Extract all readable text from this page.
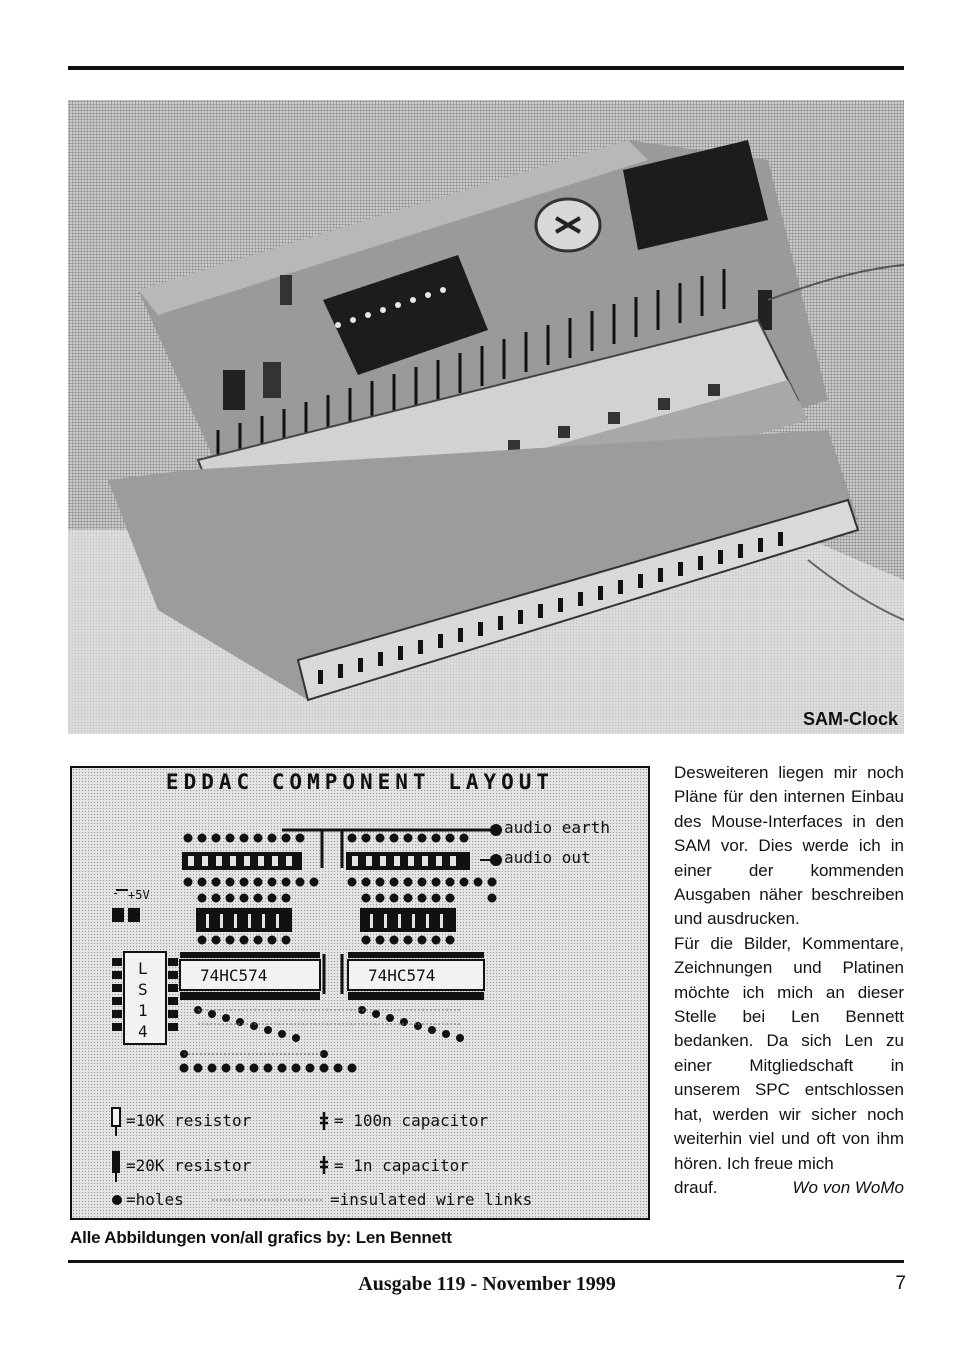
SAM-Clock
EDDAC COMPONENT LAYOUT
audio earth
audio out
+5V
-
74HC574	74HC574
L
S
1
4
=10K resistor
=20K resistor
=holes
= 100n capacitor
= 1n capacitor
=insulated wire links
Alle Abbildungen von/all grafics by: Len Bennett

Desweiteren liegen mir noch Pläne für den internen Einbau des Mouse-Interfaces in den SAM vor. Dies werde ich in einer der kommenden Ausgaben näher beschreiben und ausdrucken.

Für die Bilder, Kommentare, Zeichnungen und Platinen möchte ich mich an dieser Stelle bei Len Bennett bedanken. Da sich Len zu einer Mitgliedschaft in unserem SPC entschlossen hat, werden wir sicher noch weiterhin viel und oft von ihm hören. Ich freue mich

drauf.	Wo von WoMo
Ausgabe 119 - November 1999	7
